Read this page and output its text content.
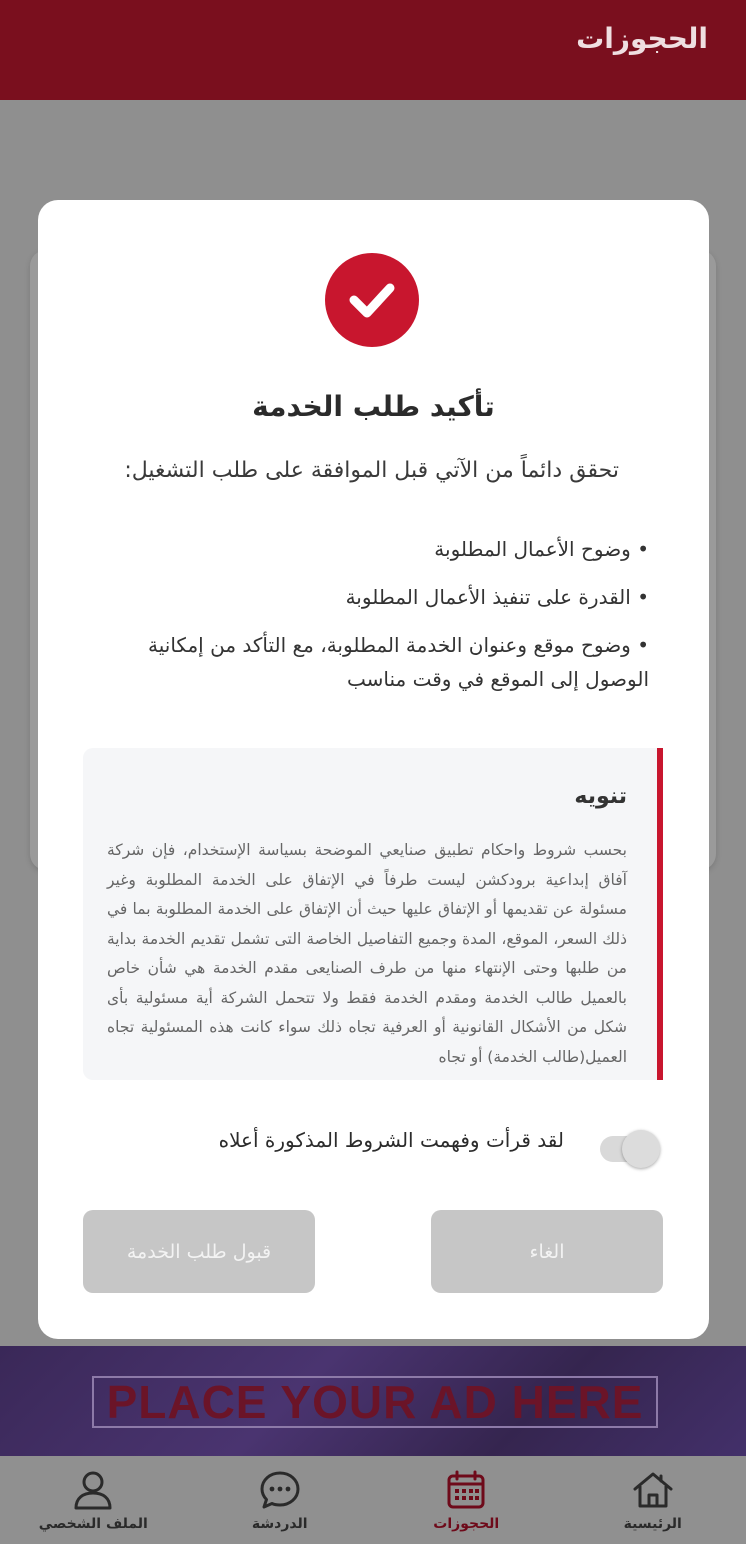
الحجوزات
PLACE YOUR AD HERE
الرئيسية
الحجوزات
الدردشة
الملف الشخصي
تأكيد طلب الخدمة
تحقق دائماً من الآتي قبل الموافقة على طلب التشغيل:
• وضوح الأعمال المطلوبة
• القدرة على تنفيذ الأعمال المطلوبة
• وضوح موقع وعنوان الخدمة المطلوبة، مع التأكد من إمكانية الوصول إلى الموقع في وقت مناسب
تنويه
بحسب شروط واحكام تطبيق صنايعي الموضحة بسياسة الإستخدام، فإن شركة آفاق إبداعية برودكشن ليست طرفاً في الإتفاق على الخدمة المطلوبة وغير مسئولة عن تقديمها أو الإتفاق عليها حيث أن الإتفاق على الخدمة المطلوبة بما في ذلك السعر، الموقع، المدة وجميع التفاصيل الخاصة التى تشمل تقديم الخدمة بداية من طلبها وحتى الإنتهاء منها من طرف الصنايعى مقدم الخدمة هي شأن خاص بالعميل طالب الخدمة ومقدم الخدمة فقط ولا تتحمل الشركة أية مسئولية بأى شكل من الأشكال القانونية أو العرفية تجاه ذلك سواء كانت هذه المسئولية تجاه العميل(طالب الخدمة) أو تجاه
لقد قرأت وفهمت الشروط المذكورة أعلاه
قبول طلب الخدمة	الغاء
